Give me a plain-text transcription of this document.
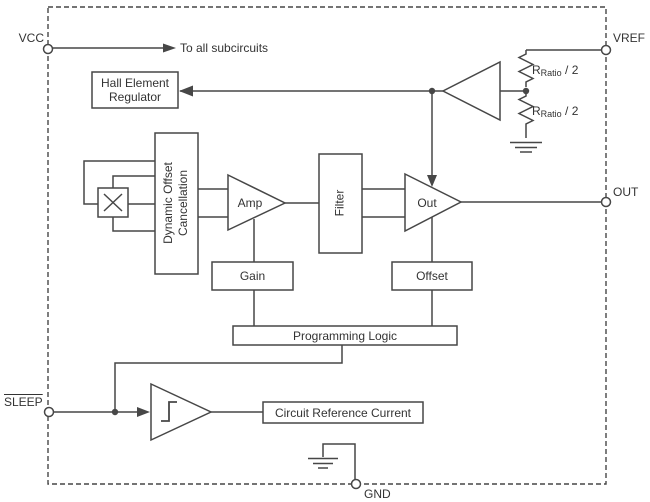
VCC
To all subcircuits
VREF
OUT
SLEEP
GND
Hall Element
Regulator
Dynamic Offset Cancellation	Amp	Filter	Out
Gain	Offset
Programming Logic
Circuit Reference Current
$R_{Ratio} / 2$
$R_{Ratio} / 2$
